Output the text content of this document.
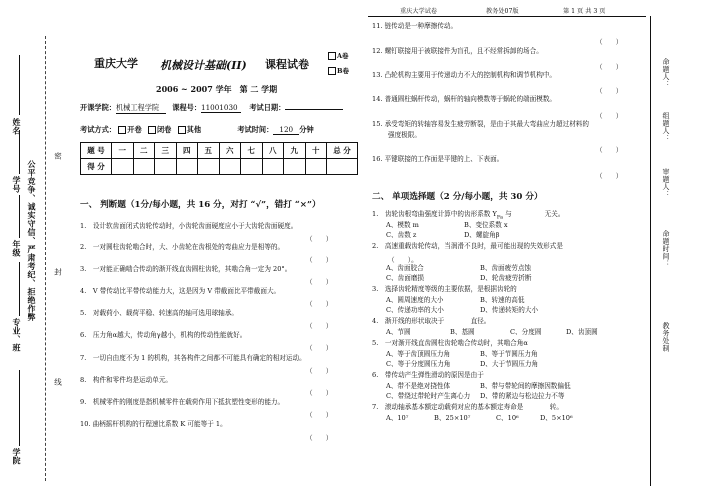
姓名
学号
年级
专业、班
学院
公平竞争、诚实守信、严肃考纪、拒绝作弊
密
封
线
重庆大学试卷	教务处07版	第 1 页 共 3 页
重庆大学 机械设计基础(II) 课程试卷
A卷
B卷
2006 ~ 2007 学年　第 二 学期
开课学院：机械工程学院 课程号：11001030 考试日期：
考试方式： 开卷 闭卷 其他	考试时间： 120 分钟
题 号	一	二	三	四	五	六	七	八	九	十	总 分
得 分											
一、 判断题（1分/每小题，共 16 分，对打 “√”，错打 “×”）
1.　设计软齿面闭式齿轮传动时，小齿轮齿面硬度应小于大齿轮齿面硬度。
（　　）
2.　一对圆柱齿轮啮合时，大、小齿轮在齿根处的弯曲应力是相等的。
（　　）
3.　一对能正确啮合传动的渐开线直齿圆柱齿轮，其啮合角一定为 20°。
（　　）
4.　V 带传动比平带传动能力大，这是因为 V 带截面比平带截面大。
（　　）
5.　对载荷小、载荷平稳、转速高的轴可选用球轴承。
（　　）
6.　压力角α越大，传动角γ越小，机构的传动性能就好。
（　　）
7.　一切自由度不为 1 的机构，其各构件之间都不可能具有确定的相对运动。
（　　）
8.　构件和零件均是运动单元。
（　　）
9.　机械零件的刚度是指机械零件在载荷作用下抵抗塑性变形的能力。
（　　）
10. 曲柄摇杆机构的行程速比系数 K 可能等于 1。
（　　）
11. 链传动是一种摩擦传动。
（　　）
12. 螺钉联接用于被联接件为盲孔，且不经常拆卸的场合。
（　　）
13. 凸轮机构主要用于传递动力不大的控制机构和调节机构中。
（　　）
14. 普通圆柱蜗杆传动，蜗杆的轴向模数等于蜗轮的端面模数。
（　　）
15. 承受弯矩的转轴容易发生疲劳断裂，是由于其最大弯曲应力超过材料的
强度极限。
（　　）
16. 平键联接的工作面是平键的上、下表面。
（　　）
二、 单项选择题（2 分/每小题，共 30 分）
1.　齿轮齿根弯曲强度计算中的齿形系数 $Y_{Fa}$ 与　　　　　无关。
A、模数 m	B、变位系数 x
C、齿数 z	D、螺旋角β
2.　高速重载齿轮传动，当润滑不良时，最可能出现的失效形式是
（　　）。
A、齿面胶合	B、齿面疲劳点蚀
C、齿面磨损	D、轮齿疲劳折断
3.　选择齿轮精度等级的主要依据，是根据齿轮的
A、圆周速度的大小	B、转速的高低
C、传递功率的大小	D、传递转矩的大小
4.　渐开线的形状取决于　　　　直径。
A、节圆	B、基圆	C、分度圆	D、齿顶圆
5.　一对渐开线直齿圆柱齿轮啮合传动时，其啮合角α
A、等于齿顶圆压力角	B、等于节圆压力角
C、等于分度圆压力角	D、大于节圆压力角
6.　带传动产生弹性滑动的原因是由于
A、带不是绝对挠性体	B、带与带轮间的摩擦因数偏低
C、带绕过带轮时产生离心力 D、带的紧边与松边拉力不等
7.　滚动轴承基本额定动载荷对应的基本额定寿命是　　　　转。
A、10⁷	B、25×10⁷	C、10⁶	D、5×10⁶
命题人：
组题人：
审题人：
命题时间：
教务处制
